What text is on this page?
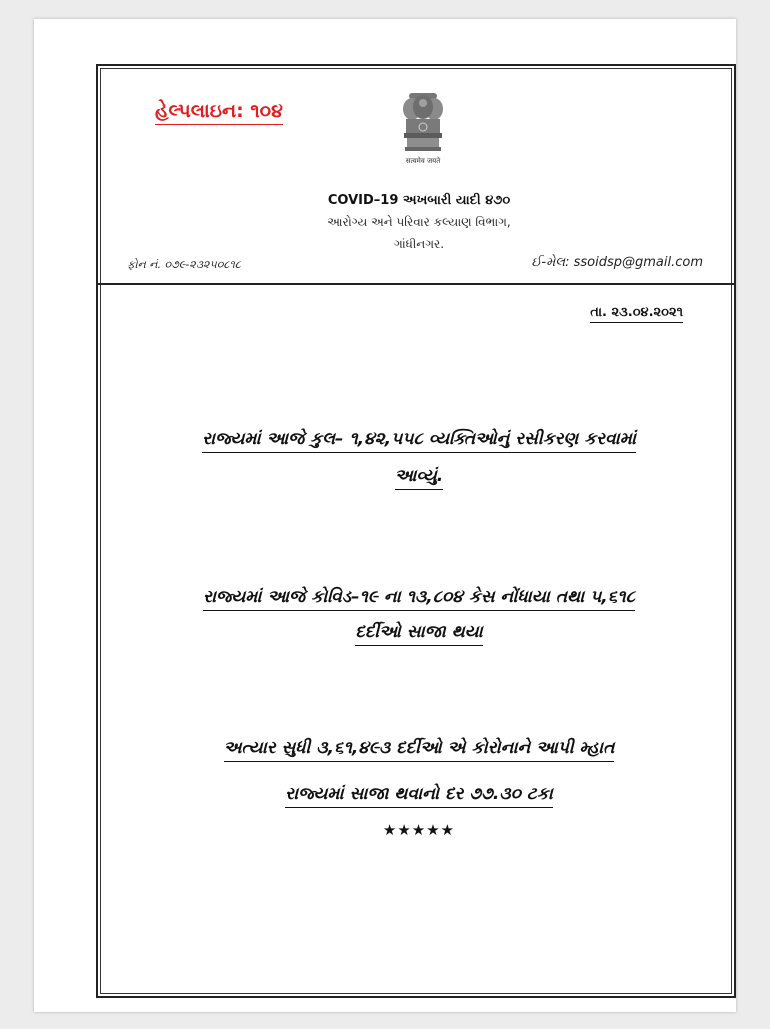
હેલ્પલાઇન: ૧૦૪
सत्यमेव जयते
COVID–19 અખબારી યાદી ૪૭૦
આરોગ્ય અને પરિવાર કલ્યાણ વિભાગ,
ગાંધીનગર.
ફોન નં. ૦૭૯-૨૩૨૫૦૮૧૮	ઈ-મેલ: ssoidsp@gmail.com
તા. ૨૩.૦૪.૨૦૨૧
રાજ્યમાં આજે કુલ– ૧,૪૨,૫૫૮ વ્યક્તિઓનું રસીકરણ કરવામાં
આવ્યું.
રાજ્યમાં આજે કોવિડ–૧૯ ના ૧૩,૮૦૪ કેસ નોંધાયા તથા ૫,૬૧૮
દર્દીઓ સાજા થયા
અત્યાર સુધી ૩,૬૧,૪૯૩ દર્દીઓ એ કોરોનાને આપી મ્હાત
રાજ્યમાં સાજા થવાનો દર ૭૭.૩૦ ટકા
★★★★★
